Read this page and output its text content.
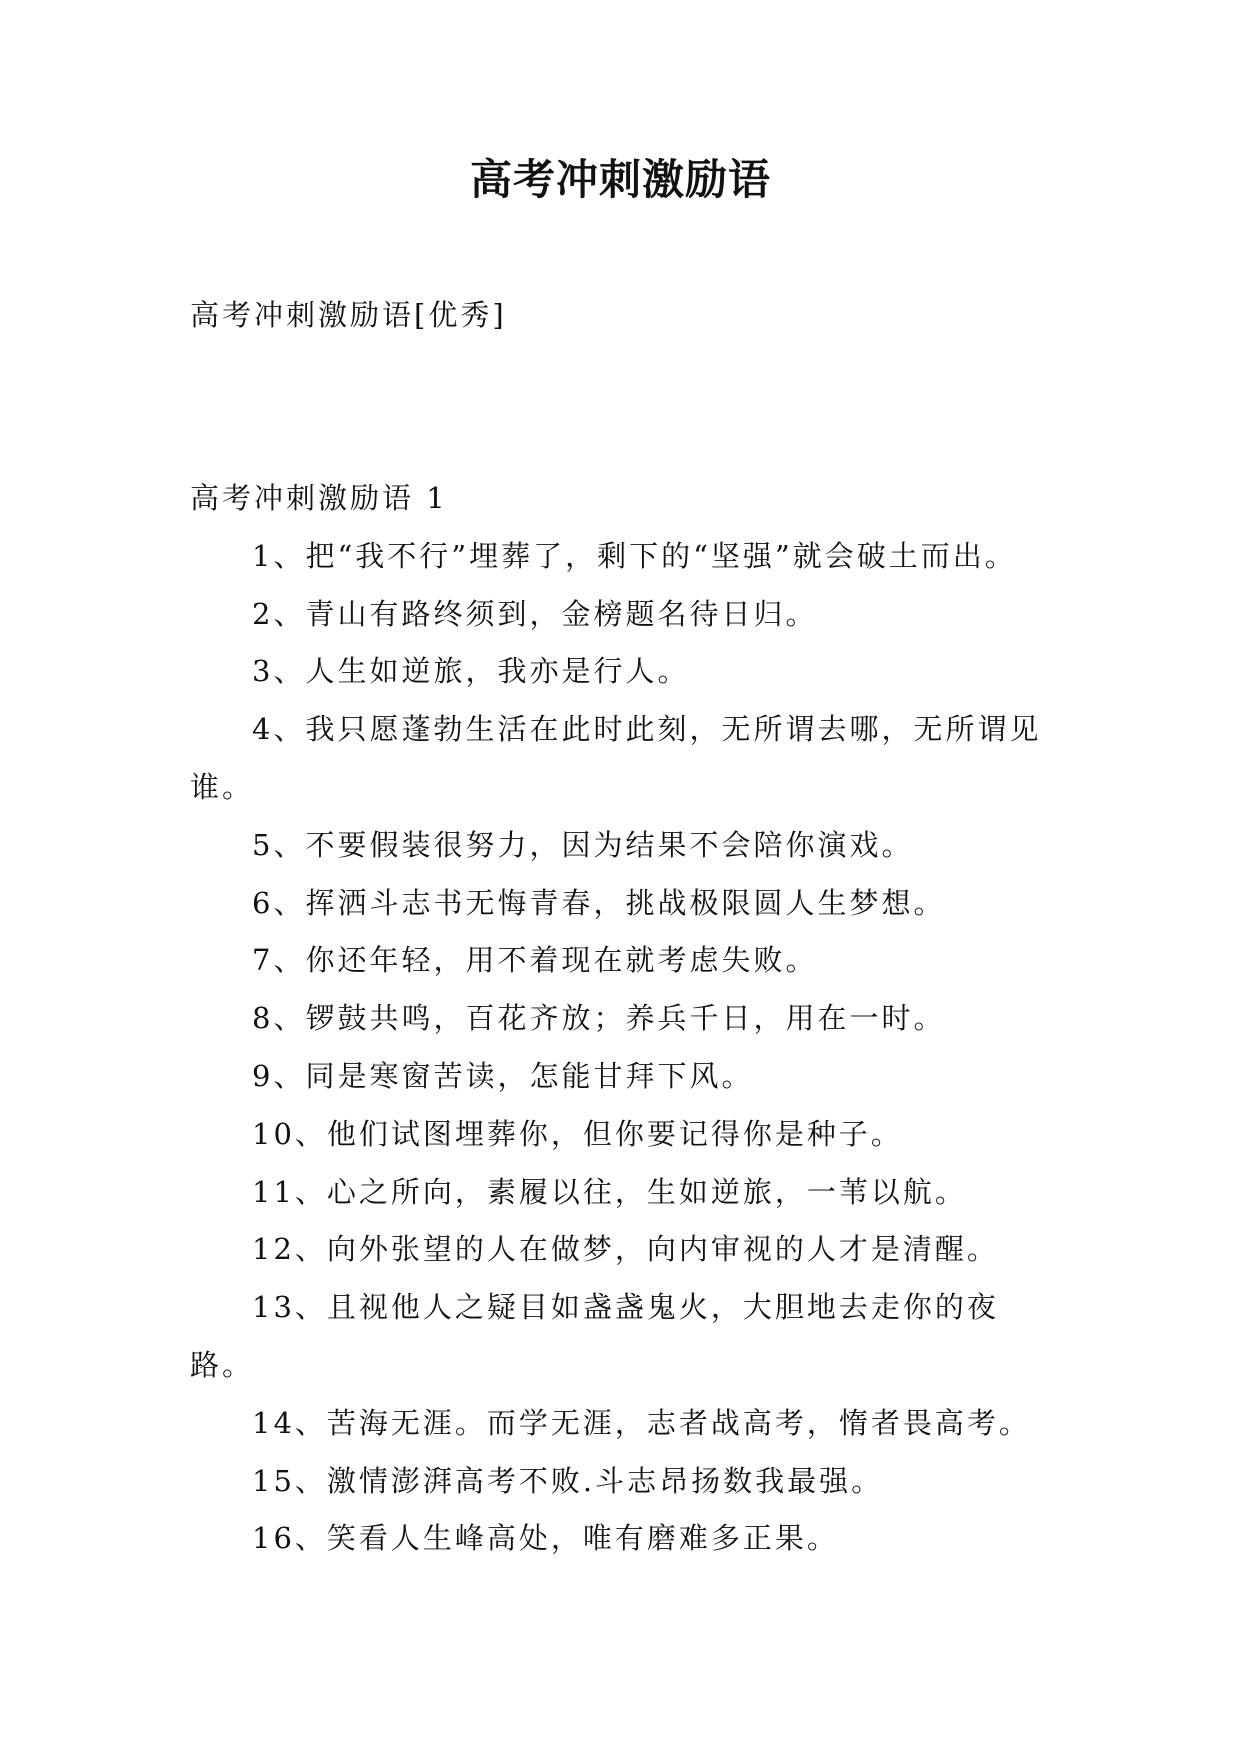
高考冲刺激励语
高考冲刺激励语[优秀]

高考冲刺激励语 1

1、把“我不行”埋葬了，剩下的“坚强”就会破土而出。

2、青山有路终须到，金榜题名待日归。

3、人生如逆旅，我亦是行人。

4、我只愿蓬勃生活在此时此刻，无所谓去哪，无所谓见谁。

5、不要假装很努力，因为结果不会陪你演戏。

6、挥洒斗志书无悔青春，挑战极限圆人生梦想。

7、你还年轻，用不着现在就考虑失败。

8、锣鼓共鸣，百花齐放；养兵千日，用在一时。

9、同是寒窗苦读，怎能甘拜下风。

10、他们试图埋葬你，但你要记得你是种子。

11、心之所向，素履以往，生如逆旅，一苇以航。

12、向外张望的人在做梦，向内审视的人才是清醒。

13、且视他人之疑目如盏盏鬼火，大胆地去走你的夜路。

14、苦海无涯。而学无涯，志者战高考，惰者畏高考。

15、激情澎湃高考不败.斗志昂扬数我最强。

16、笑看人生峰高处，唯有磨难多正果。
